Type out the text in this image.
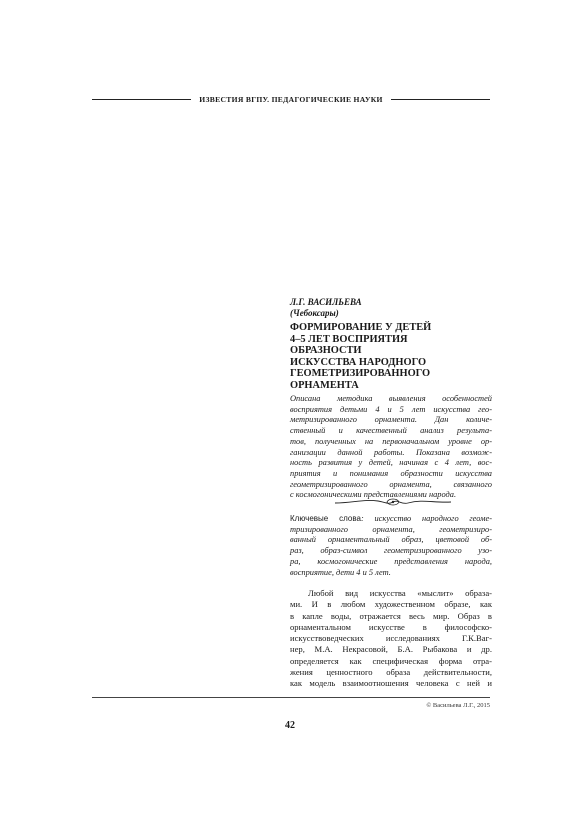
ИЗВЕСТИЯ ВГПУ. ПЕДАГОГИЧЕСКИЕ НАУКИ
Л.Г. ВАСИЛЬЕВА
(Чебоксары)
ФОРМИРОВАНИЕ У ДЕТЕЙ
4–5 ЛЕТ ВОСПРИЯТИЯ
ОБРАЗНОСТИ
ИСКУССТВА НАРОДНОГО
ГЕОМЕТРИЗИРОВАННОГО
ОРНАМЕНТА
Описана методика выявления особенностей
восприятия детьми 4 и 5 лет искусства гео-
метризированного орнамента. Дан количе-
ственный и качественный анализ результа-
тов, полученных на первоначальном уровне ор-
ганизации данной работы. Показана возмож-
ность развития у детей, начиная с 4 лет, вос-
приятия и понимания образности искусства
геометризированного орнамента, связанного
с космогоническими представлениями народа.
Ключевые слова: искусство народного геоме-
тризированного орнамента, геометризиро-
ванный орнаментальный образ, цветовой об-
раз, образ-символ геометризированного узо-
ра, космогонические представления народа,
восприятие, дети 4 и 5 лет.
Любой вид искусства «мыслит» образа-
ми. И в любом художественном образе, как
в капле воды, отражается весь мир. Образ в
орнаментальном искусстве в философско-
искусствоведческих исследованиях Г.К.Ваг-
нер, М.А. Некрасовой, Б.А. Рыбакова и др.
определяется как специфическая форма отра-
жения ценностного образа действительности,
как модель взаимоотношения человека с ней и
© Васильева Л.Г., 2015
42
